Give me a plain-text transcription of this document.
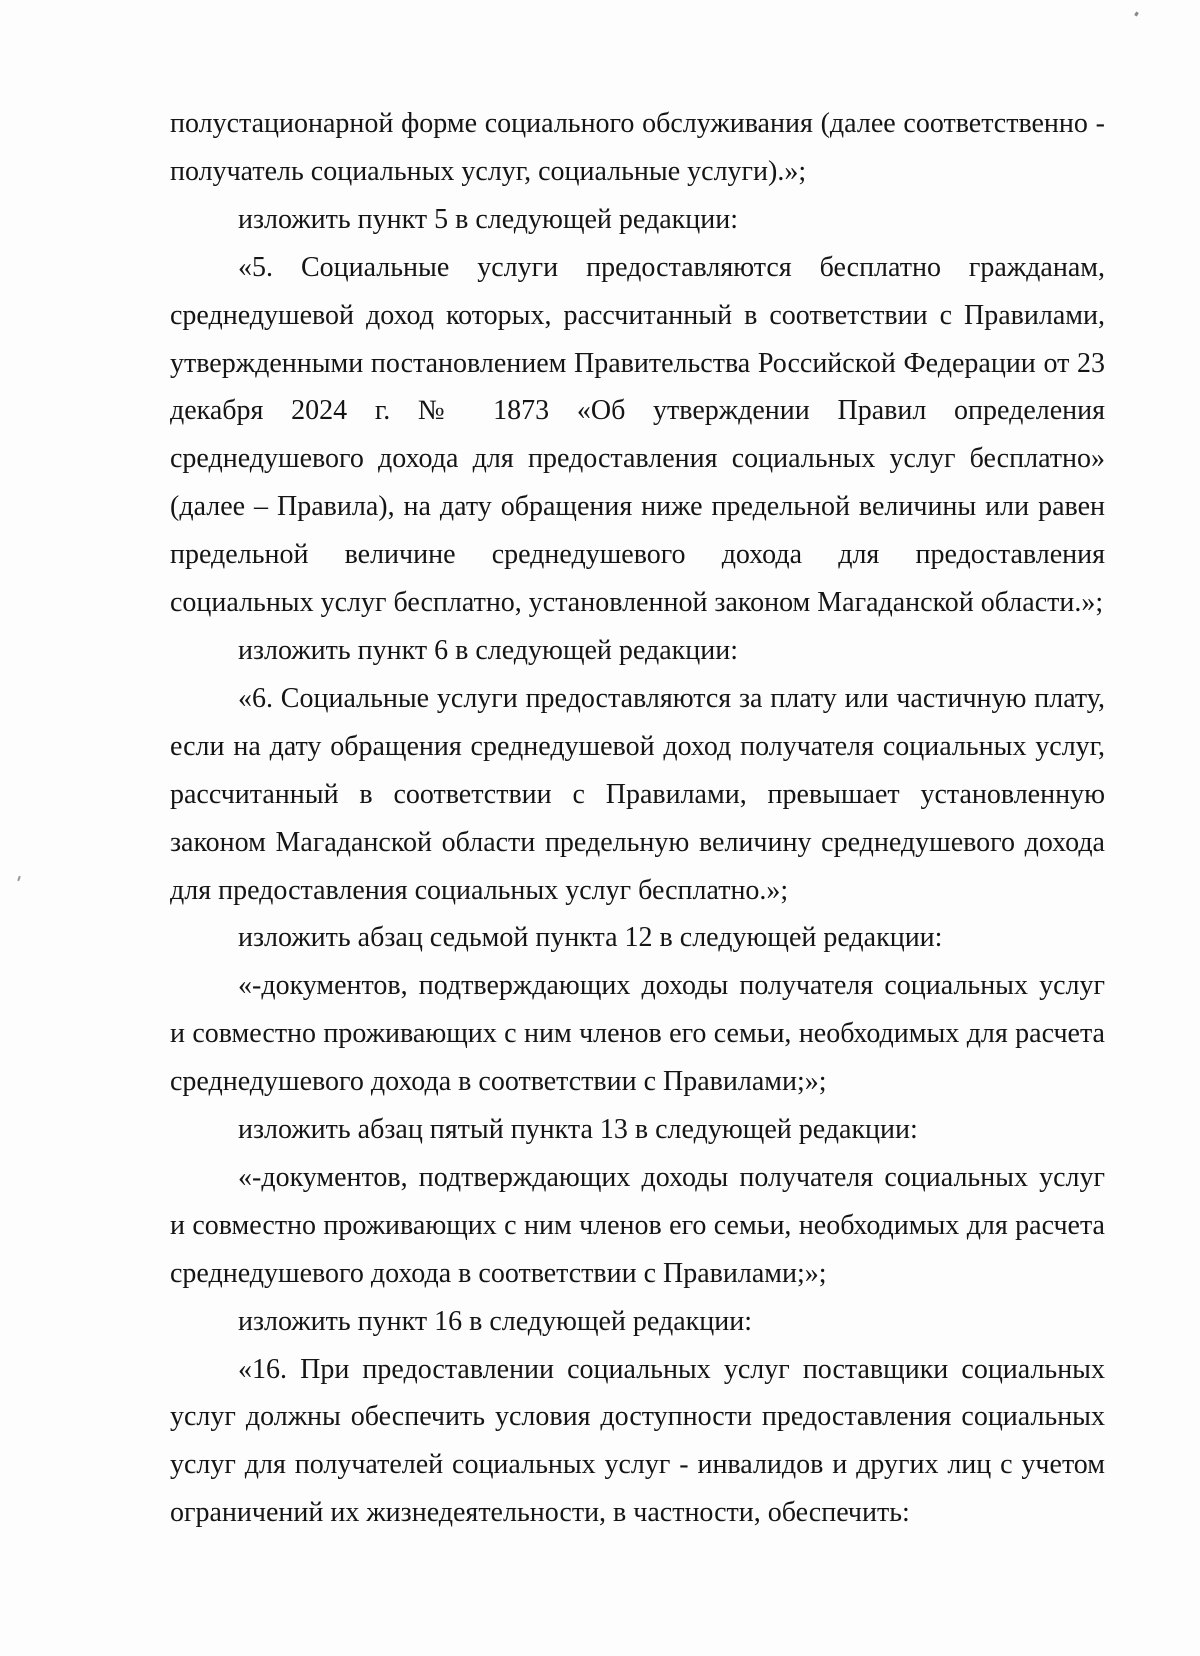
полустационарной форме социального обслуживания (далее соответственно - получатель социальных услуг, социальные услуги).»;

изложить пункт 5 в следующей редакции:

«5. Социальные услуги предоставляются бесплатно гражданам, среднедушевой доход которых, рассчитанный в соответствии с Правилами, утвержденными постановлением Правительства Российской Федерации от 23 декабря 2024 г. № 1873 «Об утверждении Правил определения среднедушевого дохода для предоставления социальных услуг бесплатно» (далее – Правила), на дату обращения ниже предельной величины или равен предельной величине среднедушевого дохода для предоставления социальных услуг бесплатно, установленной законом Магаданской области.»;

изложить пункт 6 в следующей редакции:

«6. Социальные услуги предоставляются за плату или частичную плату, если на дату обращения среднедушевой доход получателя социальных услуг, рассчитанный в соответствии с Правилами, превышает установленную законом Магаданской области предельную величину среднедушевого дохода для предоставления социальных услуг бесплатно.»;

изложить абзац седьмой пункта 12 в следующей редакции:

«-документов, подтверждающих доходы получателя социальных услуг и совместно проживающих с ним членов его семьи, необходимых для расчета среднедушевого дохода в соответствии с Правилами;»;

изложить абзац пятый пункта 13 в следующей редакции:

«-документов, подтверждающих доходы получателя социальных услуг и совместно проживающих с ним членов его семьи, необходимых для расчета среднедушевого дохода в соответствии с Правилами;»;

изложить пункт 16 в следующей редакции:

«16. При предоставлении социальных услуг поставщики социальных услуг должны обеспечить условия доступности предоставления социальных услуг для получателей социальных услуг - инвалидов и других лиц с учетом ограничений их жизнедеятельности, в частности, обеспечить:
